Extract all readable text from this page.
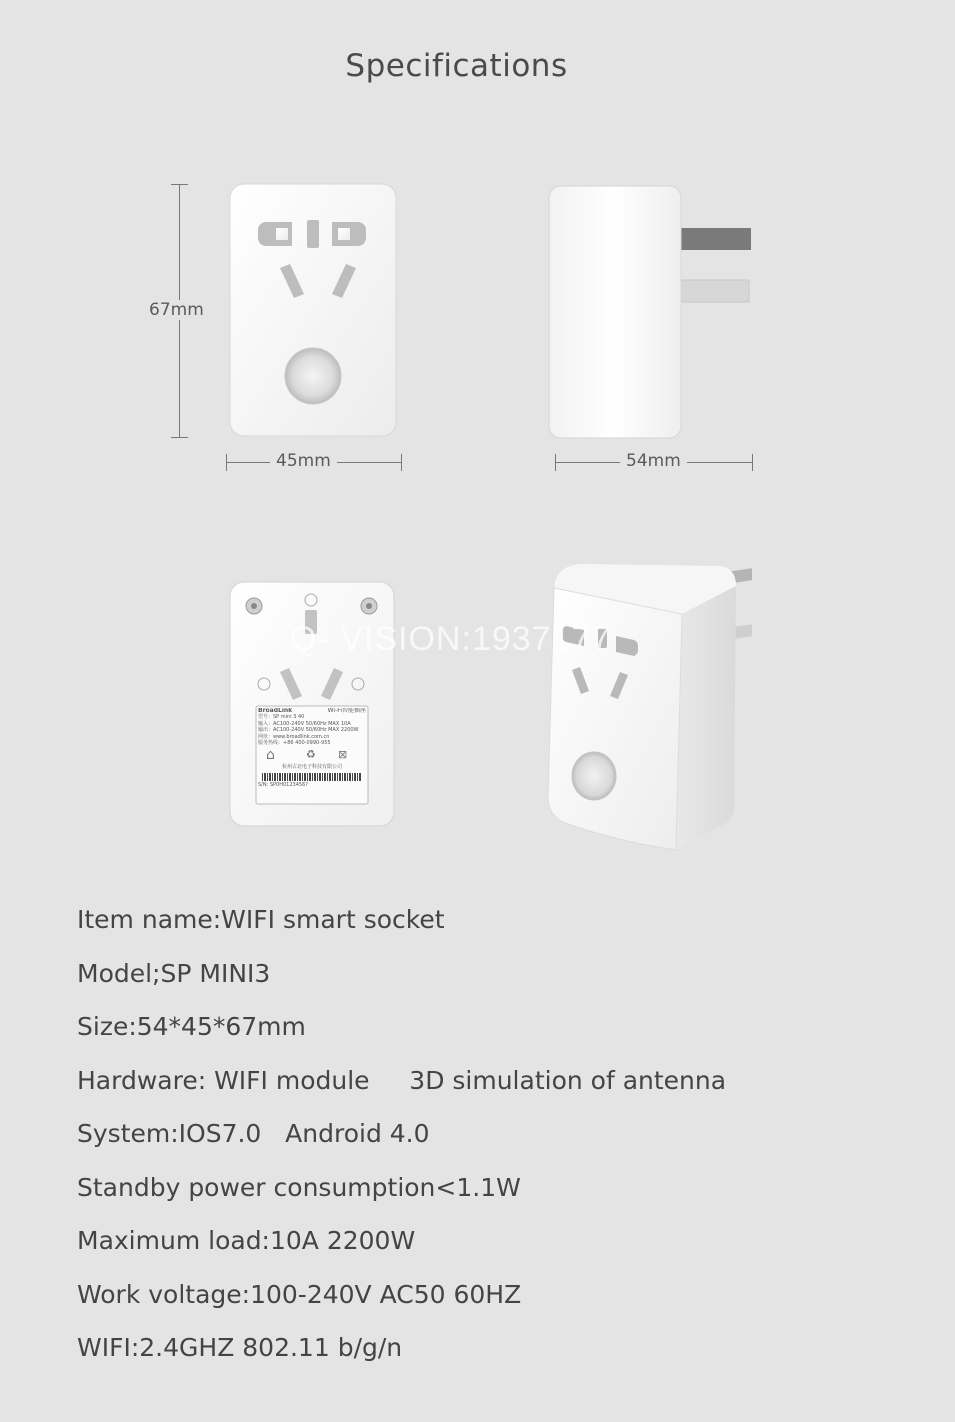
Specifications
67mm
45mm	54mm
BroadLink	Wi-Fi智能插座
型号：SP mini 3 40
输入：AC100-240V 50/60Hz MAX 10A
输出：AC100-240V 50/60Hz MAX 2200W
网址：www.broadlink.com.cn
服务热线：+86 400-0990-955
⌂	♻ ⊠
杭州古北电子科技有限公司
S/N: SP0H0123456?
Q- VISION:1937177
Item name:WIFI smart socket
Model;SP MINI3
Size:54*45*67mm
Hardware: WIFI module     3D simulation of antenna
System:IOS7.0   Android 4.0
Standby power consumption<1.1W
Maximum load:10A 2200W
Work voltage:100-240V AC50 60HZ
WIFI:2.4GHZ 802.11 b/g/n
